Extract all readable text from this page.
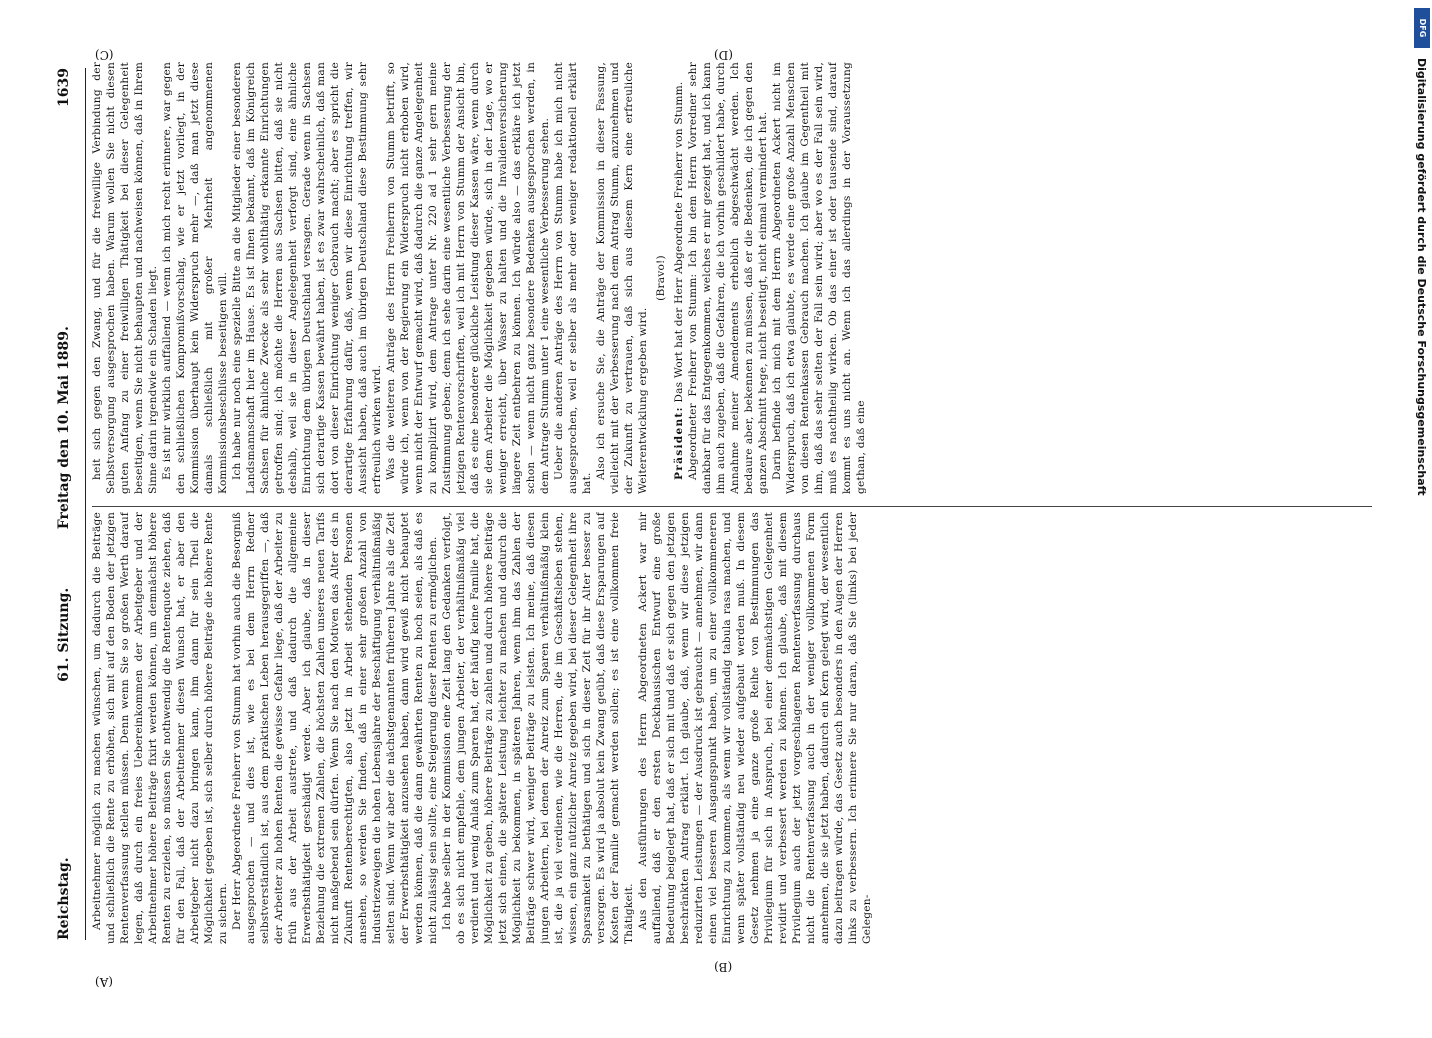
Reichstag.
61. Sitzung.            Freitag den 10. Mai 1889.
1639

Arbeitnehmer möglich zu machen wünschen, um dadurch die Beiträge und schließlich die Rente zu erhöhen, sich mit auf den Boden der jetzigen Rentenverfassung stellen müssen. Denn wenn Sie so großen Werth darauf legen, daß durch ein freies Uebereinkommen der Arbeitgeber und der Arbeitnehmer höhere Beiträge fixirt werden können, um demnächst höhere Renten zu erzielen, so müssen Sie nothwendig die Rentenquote ziehen, daß für den Fall, daß der Arbeitnehmer diesen Wunsch hat, er aber den Arbeitgeber nicht dazu bringen kann, ihm dann für sein Theil die Möglichkeit gegeben ist, sich selber durch höhere Beiträge die höhere Rente zu sichern. Der Herr Abgeordnete Freiherr von Stumm hat vorhin auch die Besorgniß ausgesprochen — und dies ist, wie es bei dem Herrn Redner selbstverständlich ist, aus dem praktischen Leben herausgegriffen —, daß der Arbeiter zu hohen Renten die gewisse Gefahr liege, daß der Arbeiter zu früh aus der Arbeit austrete, und daß dadurch die allgemeine Erwerbsthätigkeit geschädigt werde. Aber ich glaube, daß in dieser Beziehung die extremen Zahlen, die höchsten Zahlen unseres neuen Tarifs nicht maßgebend sein dürfen. Wenn Sie nach den Motiven das Alter des in Zukunft Rentenberechtigten, also jetzt in Arbeit stehenden Personen ansehen, so werden Sie finden, daß in einer sehr großen Anzahl von Industriezweigen die hohen Lebensjahre der Beschäftigung verhältnißmäßig selten sind. Wenn wir aber die nächstgenannten früheren Jahre als die Zeit der Erwerbsthätigkeit anzusehen haben, dann wird gewiß nicht behauptet werden können, daß die dann gewährten Renten zu hoch seien, als daß es nicht zulässig sein sollte, eine Steigerung dieser Renten zu ermöglichen. Ich habe selber in der Kommission eine Zeit lang den Gedanken verfolgt, ob es sich nicht empfehle, dem jungen Arbeiter, der verhältnißmäßig viel verdient und wenig Anlaß zum Sparen hat, der häufig keine Familie hat, die Möglichkeit zu geben, höhere Beiträge zu zahlen und durch höhere Beiträge jetzt sich einen, die spätere Leistung leichter zu machen und dadurch die Möglichkeit zu bekommen, in späteren Jahren, wenn ihm das Zahlen der Beiträge schwer wird, weniger Beiträge zu leisten. Ich meine, daß diesen jungen Arbeitern, bei denen der Anreiz zum Sparen verhältnißmäßig klein ist, die ja viel verdienen, wie die Herren, die im Geschäftsleben stehen, wissen, ein ganz nützlicher Anreiz gegeben wird, bei dieser Gelegenheit ihre Sparsamkeit zu bethätigen und sich in dieser Zeit für ihr Alter besser zu versorgen. Es wird ja absolut kein Zwang geübt, daß diese Ersparungen auf Kosten der Familie gemacht werden sollen; es ist eine vollkommen freie Thätigkeit. Aus den Ausführungen des Herrn Abgeordneten Ackert war mir auffallend, daß er den ersten Deckhausischen Entwurf eine große Bedeutung beigelegt hat, daß er sich mit und daß er sich gegen den jetzigen beschränkten Antrag erklärt. Ich glaube, daß, wenn wir diese jetzigen reduzirten Leistungen — der Ausdruck ist gebraucht — annehmen, wir dann einen viel besseren Ausgangspunkt haben, um zu einer vollkommeneren Einrichtung zu kommen, als wenn wir vollständig tabula rasa machen, und wenn später vollständig neu wieder aufgebaut werden muß. In diesem Gesetz nehmen ja eine ganze große Reihe von Bestimmungen das Privilegium für sich in Anspruch, bei einer demnächstigen Gelegenheit revidirt und verbessert werden zu können. Ich glaube, daß mit diesem Privilegium auch der jetzt vorgeschlagenen Rentenverfassung durchaus nicht die Rentenverfassung auch in der weniger vollkommenen Form annehmen, die sie jetzt haben, dadurch ein Kern gelegt wird, der wesentlich dazu beitragen würde, das Gesetz auch besonders in den Augen der Herren links zu verbessern. Ich erinnere Sie nur daran, daß Sie (links) bei jeder Gelegen-

heit sich gegen den Zwang, und für die freiwillige Verbindung der Selbstversorgung ausgesprochen haben. Warum wollen Sie nicht diesen guten Anfang zu einer freiwilligen Thätigkeit bei dieser Gelegenheit beseitigen, wenn Sie nicht behaupten und nachweisen können, daß in Ihrem Sinne darin irgendwie ein Schaden liegt. Es ist mir wirklich auffallend — wenn ich mich recht erinnere, war gegen den schließlichen Kompromißvorschlag, wie er jetzt vorliegt, in der Kommission überhaupt kein Widerspruch mehr —, daß man jetzt diese damals schließlich mit großer Mehrheit angenommenen Kommissionsbeschlüsse beseitigen will. Ich habe nur noch eine spezielle Bitte an die Mitglieder einer besonderen Landsmannschaft hier im Hause. Es ist Ihnen bekannt, daß im Königreich Sachsen für ähnliche Zwecke als sehr wohlthätig erkannte Einrichtungen getroffen sind; ich möchte die Herren aus Sachsen bitten, daß sie nicht deshalb, weil sie in dieser Angelegenheit verforgt sind, eine ähnliche Einrichtung dem übrigen Deutschland versagen. Gerade wenn in Sachsen sich derartige Kassen bewährt haben, ist es zwar wahrscheinlich, daß man dort von dieser Einrichtung weniger Gebrauch macht; aber es spricht die derartige Erfahrung dafür, daß, wenn wir diese Einrichtung treffen, wir Aussicht haben, daß auch im übrigen Deutschland diese Bestimmung sehr erfreulich wirken wird. Was die weiteren Anträge des Herrn Freiherrn von Stumm betrifft, so würde ich, wenn von der Regierung ein Widerspruch nicht erhoben wird, wenn nicht der Entwurf gemacht wird, daß dadurch die ganze Angelegenheit zu komplizirt wird, dem Antrage unter Nr. 220 ad 1 sehr gern meine Zustimmung geben; denn ich sehe darin eine wesentliche Verbesserung der jetzigen Rentenvorschriften, weil ich mit Herrn von Stumm der Ansicht bin, daß es eine besondere glückliche Leistung dieser Kassen wäre, wenn durch sie dem Arbeiter die Möglichkeit gegeben würde, sich in der Lage, wo er weniger erreicht, über Wasser zu halten und die Invalidenversicherung längere Zeit entbehren zu können. Ich würde also — das erkläre ich jetzt schon — wenn nicht ganz besondere Bedenken ausgesprochen werden, in dem Antrage Stumm unter 1 eine wesentliche Verbesserung sehen. Ueber die anderen Anträge des Herrn von Stumm habe ich mich nicht ausgesprochen, weil er selber als mehr oder weniger redaktionell erklärt hat.

Also ich ersuche Sie, die Anträge der Kommission in dieser Fassung, vielleicht mit der Verbesserung nach dem Antrag Stumm, anzunehmen und der Zukunft zu vertrauen, daß sich aus diesem Kern eine erfreuliche Weiterentwicklung ergeben wird.

(Bravo!)

Präsident: Das Wort hat der Herr Abgeordnete Freiherr von Stumm. Abgeordneter Freiherr von Stumm: Ich bin dem Herrn Vorredner sehr dankbar für das Entgegenkommen, welches er mir gezeigt hat, und ich kann ihm auch zugeben, daß die Gefahren, die ich vorhin geschildert habe, durch Annahme meiner Amendements erheblich abgeschwächt werden. Ich bedaure aber, bekennen zu müssen, daß er die Bedenken, die ich gegen den ganzen Abschnitt hege, nicht beseitigt, nicht einmal vermindert hat. Darin befinde ich mich mit dem Herrn Abgeordneten Ackert nicht im Widerspruch, daß ich etwa glaubte, es werde eine große Anzahl Menschen von diesen Rentenkassen Gebrauch machen. Ich glaube im Gegentheil mit ihm, daß das sehr selten der Fall sein wird; aber wo es der Fall sein wird, muß es nachtheilig wirken. Ob das einer ist oder tausende sind, darauf kommt es uns nicht an. Wenn ich das allerdings in der Voraussetzung gethan, daß eine

(A)
(B)
(C)	(D)
DFG
Digitalisierung gefördert durch die Deutsche Forschungsgemeinschaft
